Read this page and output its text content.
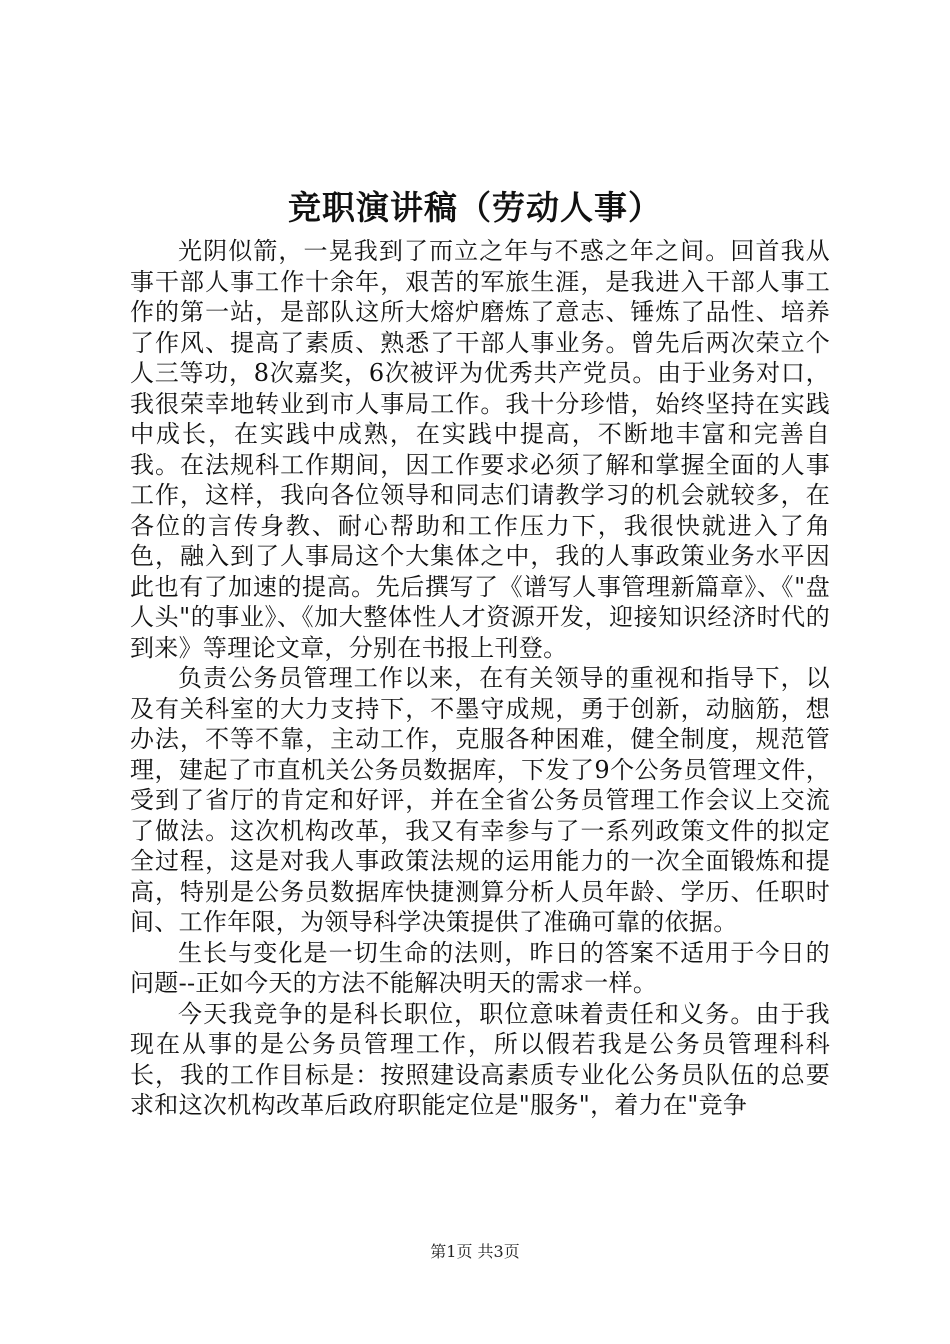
竞职演讲稿（劳动人事）

光阴似箭，一晃我到了而立之年与不惑之年之间。回首我从事干部人事工作十余年，艰苦的军旅生涯，是我进入干部人事工作的第一站，是部队这所大熔炉磨炼了意志、锤炼了品性、培养了作风、提高了素质、熟悉了干部人事业务。曾先后两次荣立个人三等功，8次嘉奖，6次被评为优秀共产党员。由于业务对口，我很荣幸地转业到市人事局工作。我十分珍惜，始终坚持在实践中成长，在实践中成熟，在实践中提高，不断地丰富和完善自我。在法规科工作期间，因工作要求必须了解和掌握全面的人事工作，这样，我向各位领导和同志们请教学习的机会就较多，在各位的言传身教、耐心帮助和工作压力下，我很快就进入了角色，融入到了人事局这个大集体之中，我的人事政策业务水平因此也有了加速的提高。先后撰写了《谱写人事管理新篇章》、《"盘人头"的事业》、《加大整体性人才资源开发，迎接知识经济时代的到来》等理论文章，分别在书报上刊登。

负责公务员管理工作以来，在有关领导的重视和指导下，以及有关科室的大力支持下，不墨守成规，勇于创新，动脑筋，想办法，不等不靠，主动工作，克服各种困难，健全制度，规范管理，建起了市直机关公务员数据库，下发了9个公务员管理文件，受到了省厅的肯定和好评，并在全省公务员管理工作会议上交流了做法。这次机构改革，我又有幸参与了一系列政策文件的拟定全过程，这是对我人事政策法规的运用能力的一次全面锻炼和提高，特别是公务员数据库快捷测算分析人员年龄、学历、任职时间、工作年限，为领导科学决策提供了准确可靠的依据。

生长与变化是一切生命的法则，昨日的答案不适用于今日的问题--正如今天的方法不能解决明天的需求一样。

今天我竞争的是科长职位，职位意味着责任和义务。由于我现在从事的是公务员管理工作，所以假若我是公务员管理科科长，我的工作目标是：按照建设高素质专业化公务员队伍的总要求和这次机构改革后政府职能定位是"服务"，着力在"竞争

第1页 共3页
